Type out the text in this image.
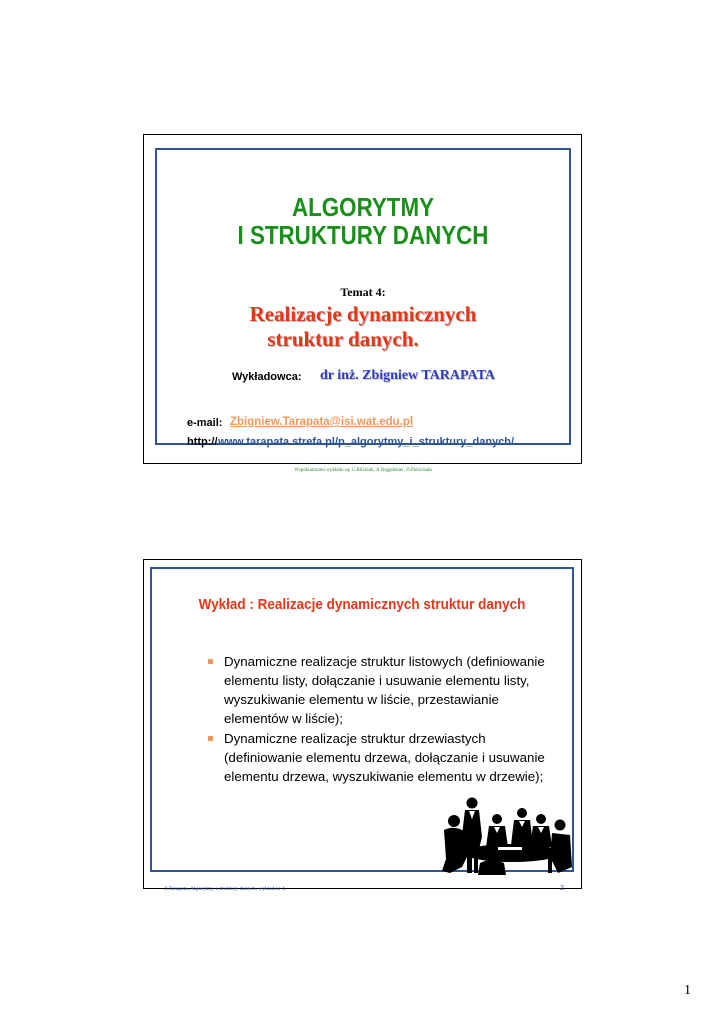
ALGORYTMY
I STRUKTURY DANYCH
Temat 4:
Realizacje dynamicznych
struktur danych.
Wykładowca: dr inż. Zbigniew TARAPATA
e-mail: Zbigniew.Tarapata@isi.wat.edu.pl
http:// www.tarapata.strefa.pl/p_algorytmy_i_struktury_danych/
Współautorami wykładu są: G.Bliźniuk, A.Najgebauer, D.Pierzchała
Wykład : Realizacje dynamicznych struktur danych
Dynamiczne realizacje struktur listowych (definiowanie elementu listy, dołączanie i usuwanie elementu listy, wyszukiwanie elementu w liście, przestawianie elementów w liście);
Dynamiczne realizacje struktur drzewiastych (definiowanie elementu drzewa, dołączanie i usuwanie elementu drzewa, wyszukiwanie elementu w drzewie);
Z.Tarapata, Algorytmy i struktury danych, wykład nr 4	2
1
